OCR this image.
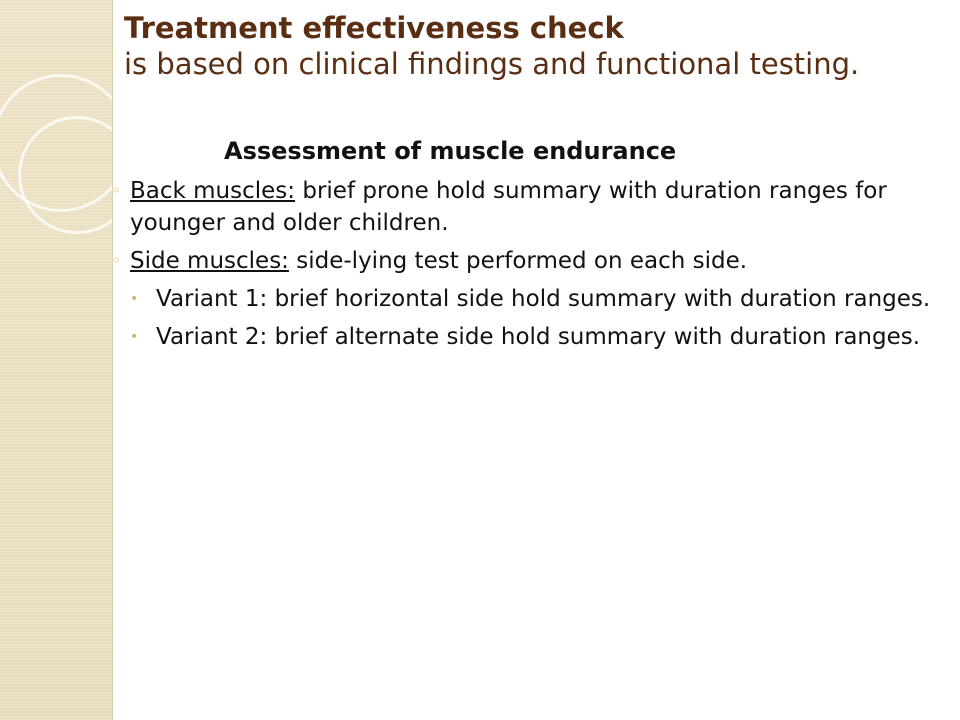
Treatment effectiveness check
is based on clinical findings and functional testing.
Assessment of muscle endurance
◦ Back muscles: brief prone hold summary with duration ranges for younger and older children.
◦ Side muscles: side-lying test performed on each side.
• Variant 1: brief horizontal side hold summary with duration ranges.
• Variant 2: brief alternate side hold summary with duration ranges.
